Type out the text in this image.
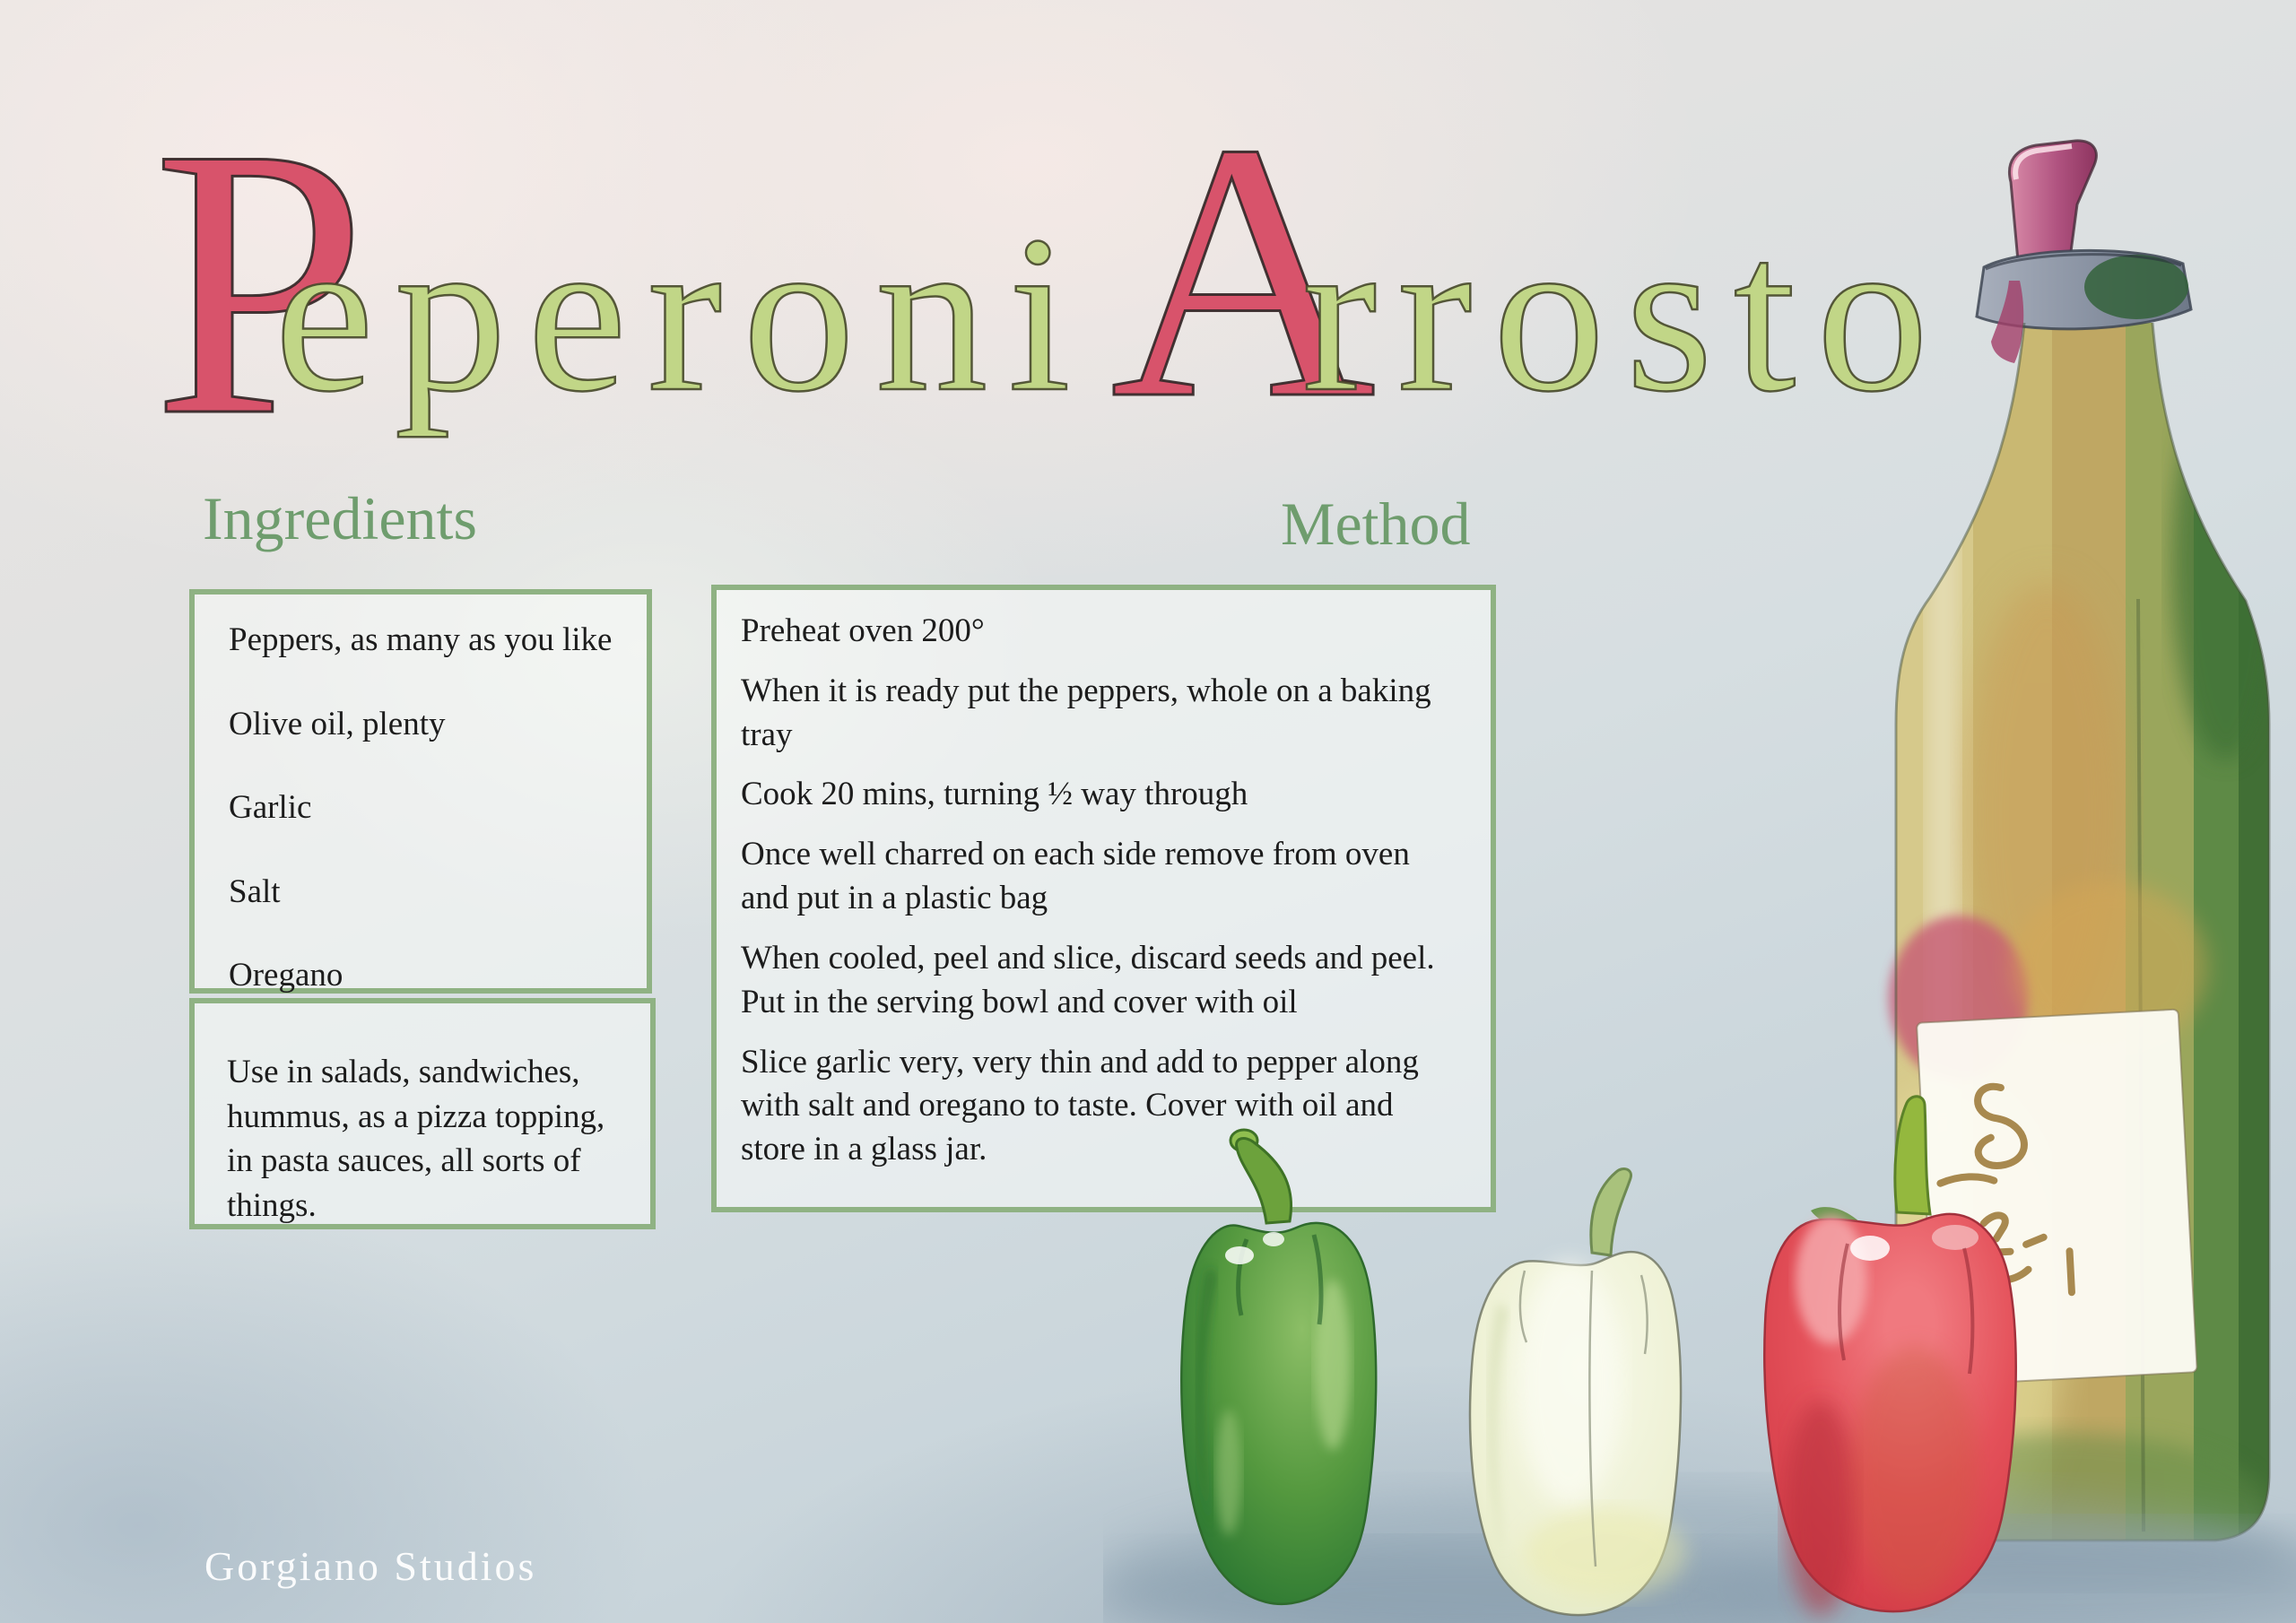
P
eperoni A
rrosto
Ingredients	Method

Peppers, as many as you like

Olive oil, plenty

Garlic

Salt

Oregano

Use in salads, sandwiches, hummus, as a pizza topping, in pasta sauces, all sorts of things.

Preheat oven 200°

When it is ready put the peppers, whole on a baking tray

Cook 20 mins, turning ½ way through

Once well charred on each side remove from oven and put in a plastic bag

When cooled, peel and slice, discard seeds and peel. Put in the serving bowl and cover with oil

Slice garlic very, very thin and add to pepper along with salt and oregano to taste. Cover with oil and store in a glass jar.

Gorgiano Studios
